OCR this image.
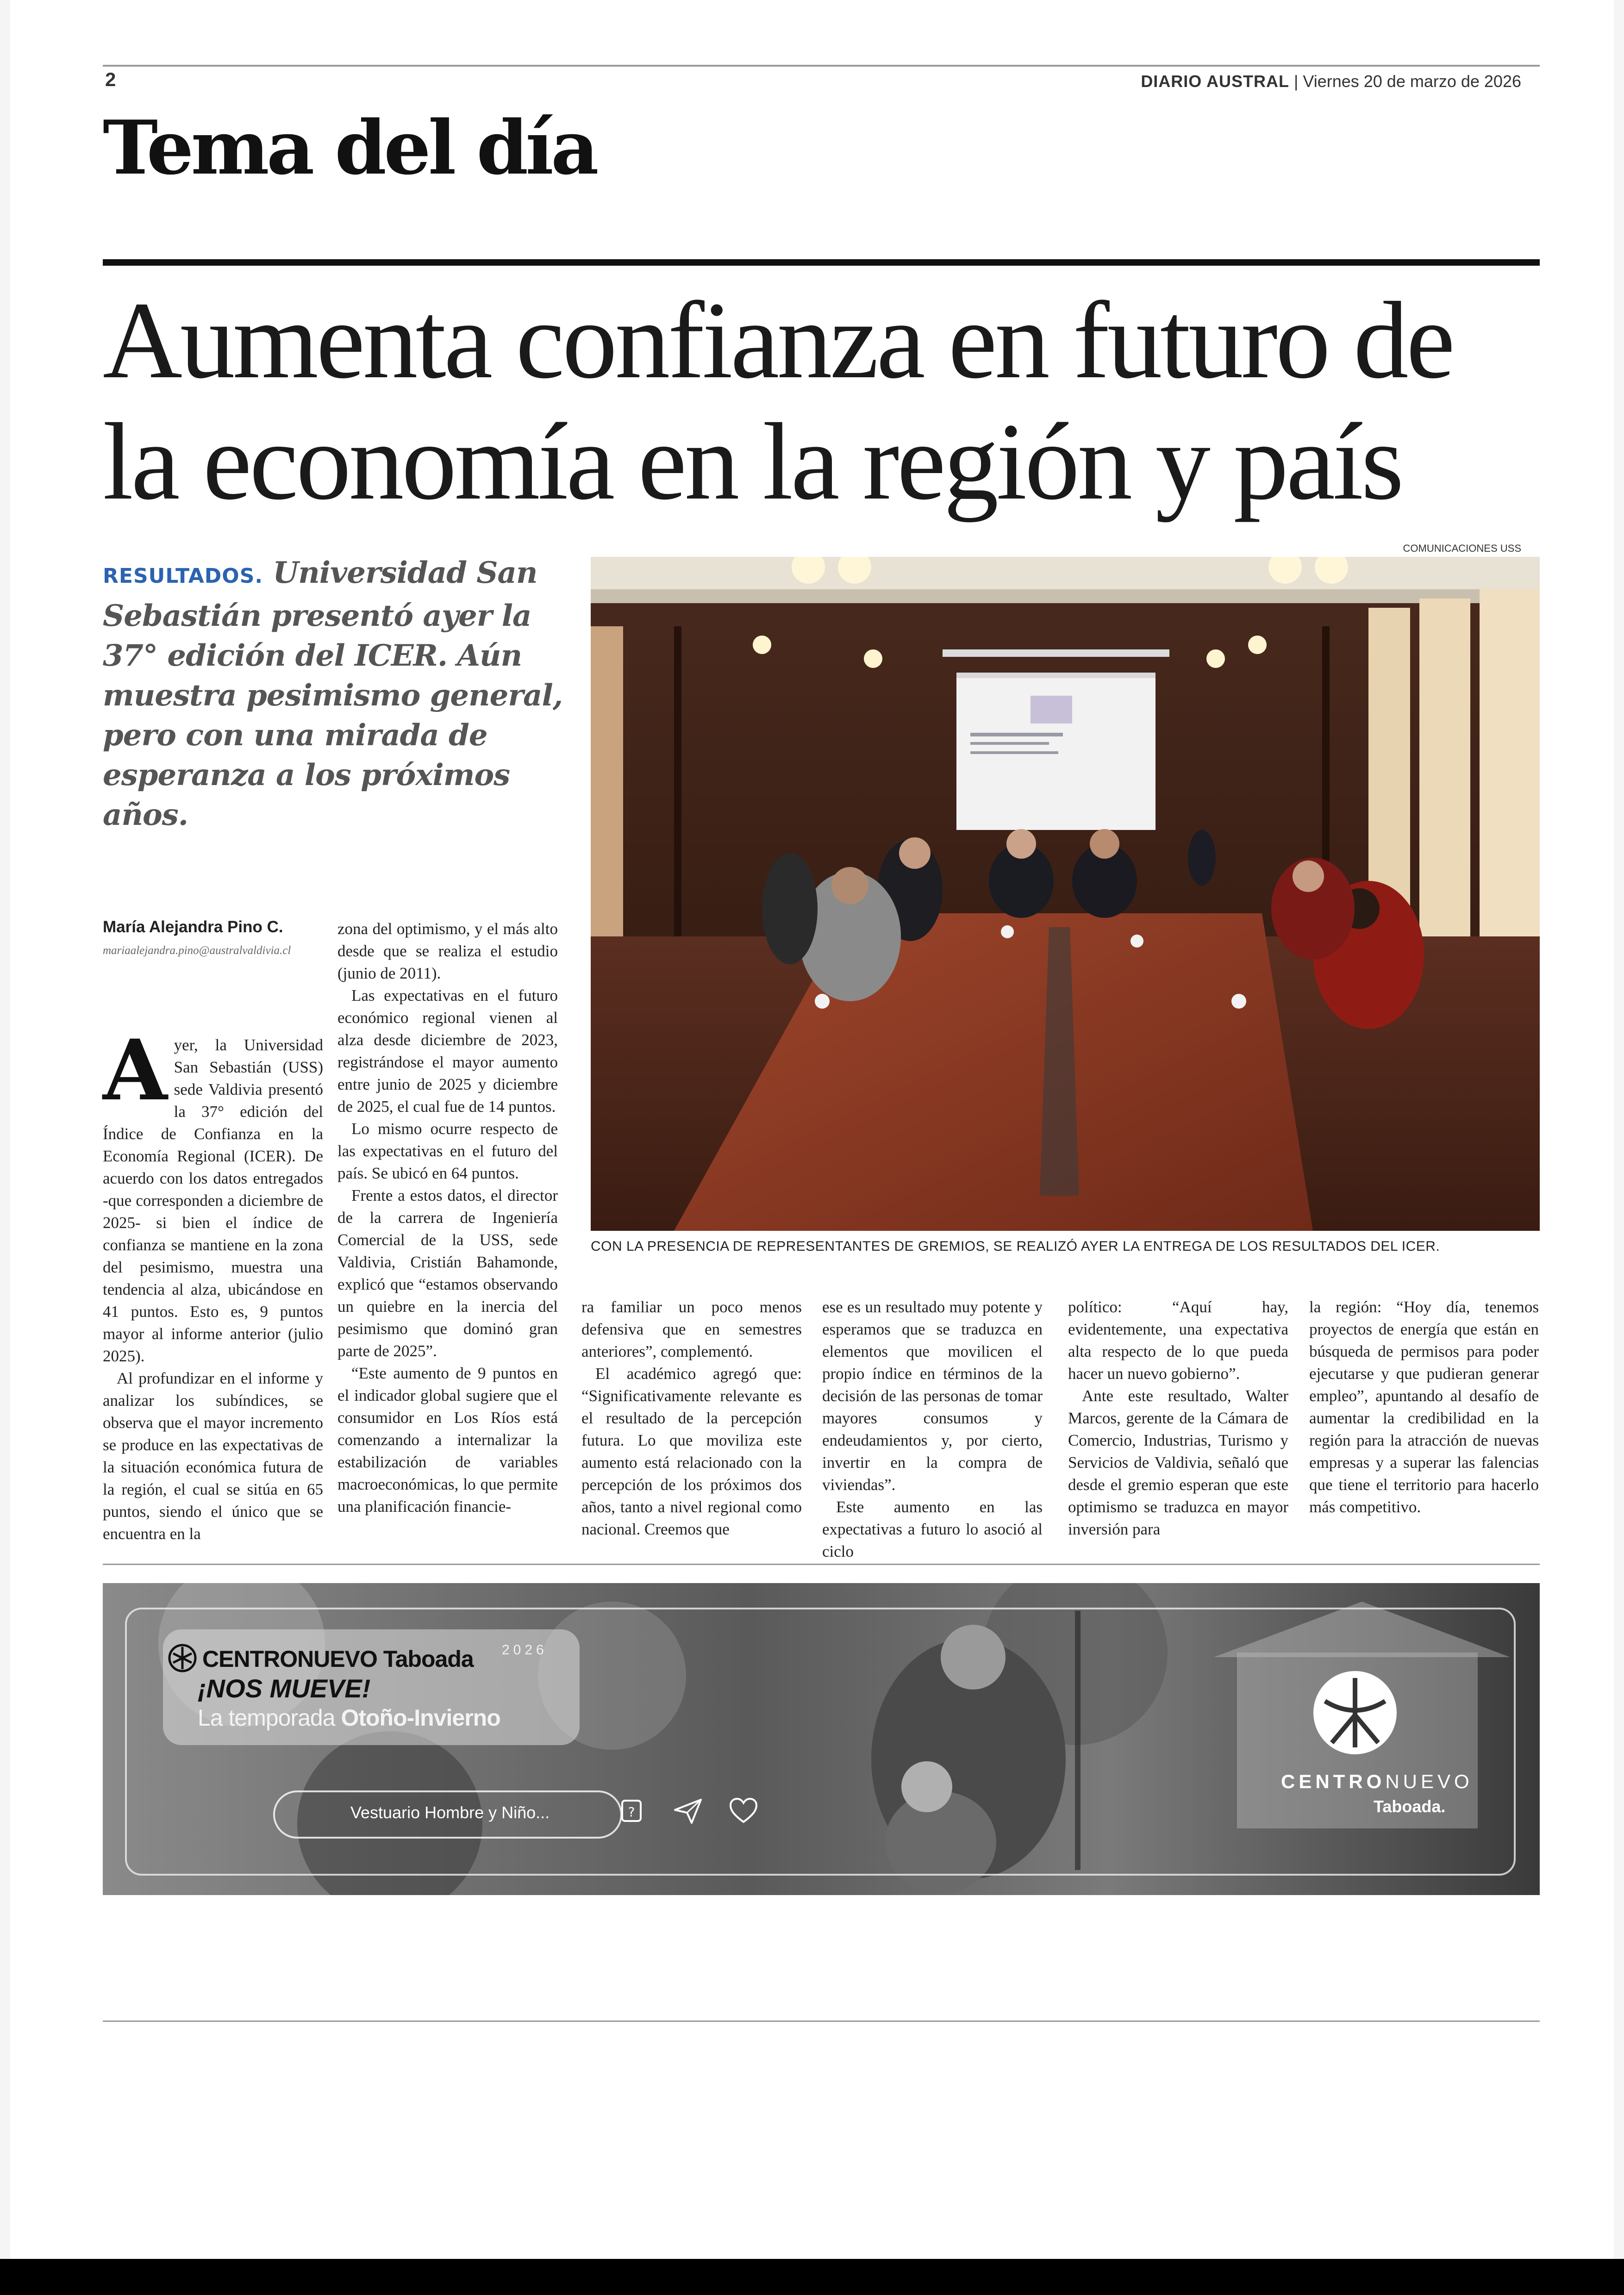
2	DIARIO AUSTRAL | Viernes 20 de marzo de 2026
Tema del día
Aumenta confianza en futuro de la economía en la región y país
RESULTADOS. Universidad San Sebastián presentó ayer la 37° edición del ICER. Aún muestra pesimismo general, pero con una mirada de esperanza a los próximos años.
María Alejandra Pino C.
mariaalejandra.pino@australvaldivia.cl
COMUNICACIONES USS
CON LA PRESENCIA DE REPRESENTANTES DE GREMIOS, SE REALIZÓ AYER LA ENTREGA DE LOS RESULTADOS DEL ICER.

Ayer, la Universidad San Sebastián (USS) sede Valdivia presentó la 37° edición del Índice de Confianza en la Economía Regional (ICER). De acuerdo con los datos entregados -que corresponden a diciembre de 2025- si bien el índice de confianza se mantiene en la zona del pesimismo, muestra una tendencia al alza, ubicándose en 41 puntos. Esto es, 9 puntos mayor al informe anterior (julio 2025).

Al profundizar en el informe y analizar los subíndices, se observa que el mayor incremento se produce en las expectativas de la situación económica futura de la región, el cual se sitúa en 65 puntos, siendo el único que se encuentra en la

zona del optimismo, y el más alto desde que se realiza el estudio (junio de 2011).

Las expectativas en el futuro económico regional vienen al alza desde diciembre de 2023, registrándose el mayor aumento entre junio de 2025 y diciembre de 2025, el cual fue de 14 puntos.

Lo mismo ocurre respecto de las expectativas en el futuro del país. Se ubicó en 64 puntos.

Frente a estos datos, el director de la carrera de Ingeniería Comercial de la USS, sede Valdivia, Cristián Bahamonde, explicó que “estamos observando un quiebre en la inercia del pesimismo que dominó gran parte de 2025”.

“Este aumento de 9 puntos en el indicador global sugiere que el consumidor en Los Ríos está comenzando a internalizar la estabilización de variables macroeconómicas, lo que permite una planificación financie-

ra familiar un poco menos defensiva que en semestres anteriores”, complementó.

El académico agregó que: “Significativamente relevante es el resultado de la percepción futura. Lo que moviliza este aumento está relacionado con la percepción de los próximos dos años, tanto a nivel regional como nacional. Creemos que

ese es un resultado muy potente y esperamos que se traduzca en elementos que movilicen el propio índice en términos de la decisión de las personas de tomar mayores consumos y endeudamientos y, por cierto, invertir en la compra de viviendas”.

Este aumento en las expectativas a futuro lo asoció al ciclo

político: “Aquí hay, evidentemente, una expectativa alta respecto de lo que pueda hacer un nuevo gobierno”.

Ante este resultado, Walter Marcos, gerente de la Cámara de Comercio, Industrias, Turismo y Servicios de Valdivia, señaló que desde el gremio esperan que este optimismo se traduzca en mayor inversión para

la región: “Hoy día, tenemos proyectos de energía que están en búsqueda de permisos para poder ejecutarse y que pudieran generar empleo”, apuntando al desafío de aumentar la credibilidad en la región para la atracción de nuevas empresas y a superar las falencias que tiene el territorio para hacerlo más competitivo.

CENTRONUEVO Taboada 2026
¡NOS MUEVE!
La temporada Otoño-Invierno
Vestuario Hombre y Niño...	?
CENTRONUEVO
Taboada.
